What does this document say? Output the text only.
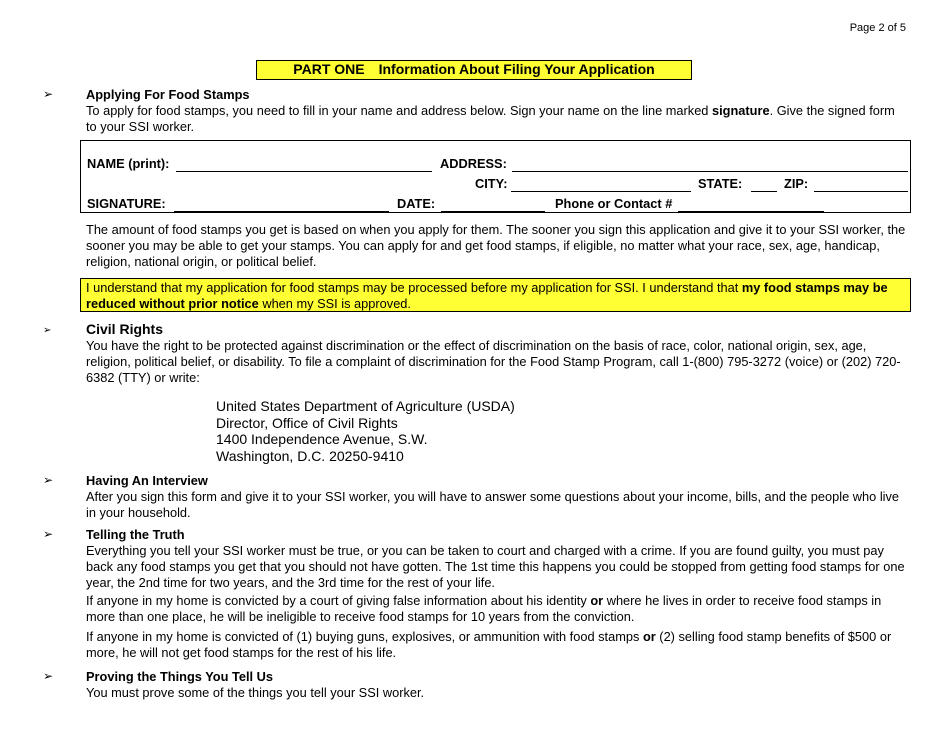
Page 2 of 5
PART ONE Information About Filing Your Application
➢	Applying For Food Stamps

To apply for food stamps, you need to fill in your name and address below. Sign your name on the line marked signature. Give the signed form to your SSI worker.

NAME (print):	ADDRESS:
CITY:	STATE:	ZIP:
SIGNATURE:	DATE:	Phone or Contact #

The amount of food stamps you get is based on when you apply for them. The sooner you sign this application and give it to your SSI worker, the sooner you may be able to get your stamps. You can apply for and get food stamps, if eligible, no matter what your race, sex, age, handicap, religion, national origin, or political belief.

I understand that my application for food stamps may be processed before my application for SSI. I understand that my food stamps may be reduced without prior notice when my SSI is approved.
➢ Civil Rights

You have the right to be protected against discrimination or the effect of discrimination on the basis of race, color, national origin, sex, age, religion, political belief, or disability. To file a complaint of discrimination for the Food Stamp Program, call 1-(800) 795-3272 (voice) or (202) 720-6382 (TTY) or write:

United States Department of Agriculture (USDA)
Director, Office of Civil Rights
1400 Independence Avenue, S.W.
Washington, D.C. 20250-9410
➢	Having An Interview

After you sign this form and give it to your SSI worker, you will have to answer some questions about your income, bills, and the people who live in your household.

➢	Telling the Truth

Everything you tell your SSI worker must be true, or you can be taken to court and charged with a crime. If you are found guilty, you must pay back any food stamps you get that you should not have gotten. The 1st time this happens you could be stopped from getting food stamps for one year, the 2nd time for two years, and the 3rd time for the rest of your life.

If anyone in my home is convicted by a court of giving false information about his identity or where he lives in order to receive food stamps in more than one place, he will be ineligible to receive food stamps for 10 years from the conviction.

If anyone in my home is convicted of (1) buying guns, explosives, or ammunition with food stamps or (2) selling food stamp benefits of $500 or more, he will not get food stamps for the rest of his life.

➢	Proving the Things You Tell Us

You must prove some of the things you tell your SSI worker.
